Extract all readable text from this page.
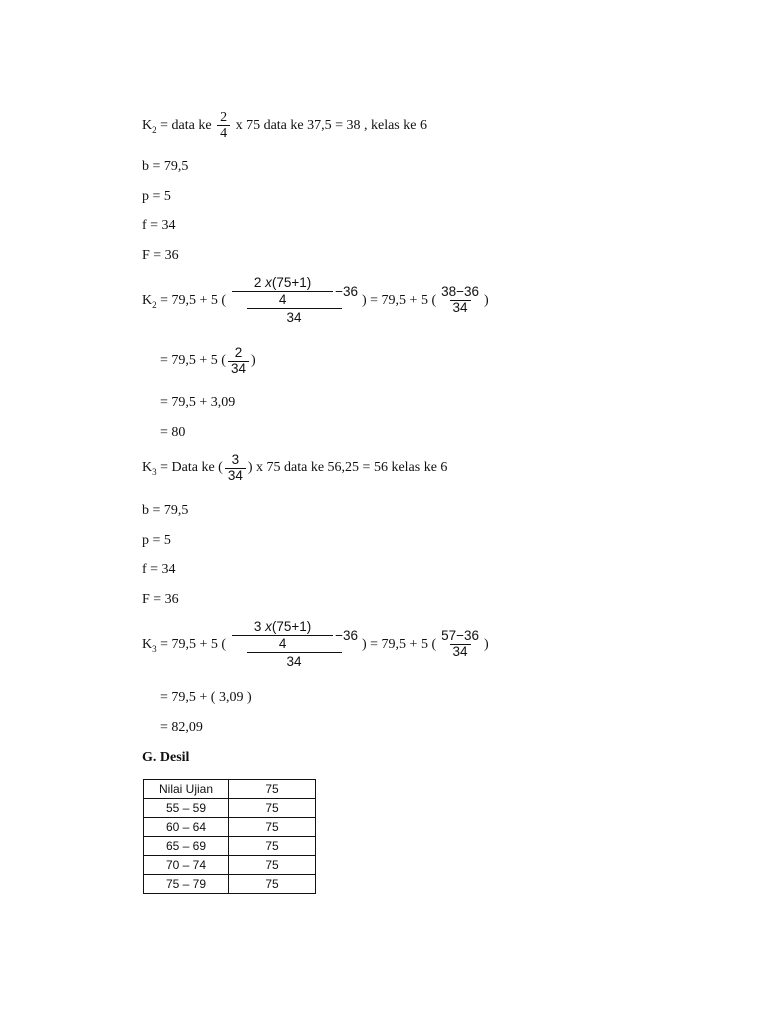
K 2 = data ke $\frac{2}{4}$ x 75 data ke 37,5 = 38 , kelas ke 6
b = 79,5
p = 5
f = 34
F = 36
K 2 = 79,5 + 5 ( $\frac{2 x(75+1)}{4} -36$
34
) = 79,5 + 5 ( $\frac{38-36}{34}$ )
= 79,5 + 5 ( $\frac{2}{34}$ )
= 79,5 + 3,09
= 80
K 3 = Data ke ( $\frac{3}{34}$ ) x 75 data ke 56,25 = 56 kelas ke 6
b = 79,5
p = 5
f = 34
F = 36
K 3 = 79,5 + 5 ( $\frac{3 x(75+1)}{4} -36$
34
) = 79,5 + 5 ( $\frac{57-36}{34}$ )
= 79,5 + ( 3,09 )
= 82,09
G. Desil
Nilai Ujian	75
55 – 59	75
60 – 64	75
65 – 69	75
70 – 74	75
75 – 79	75
